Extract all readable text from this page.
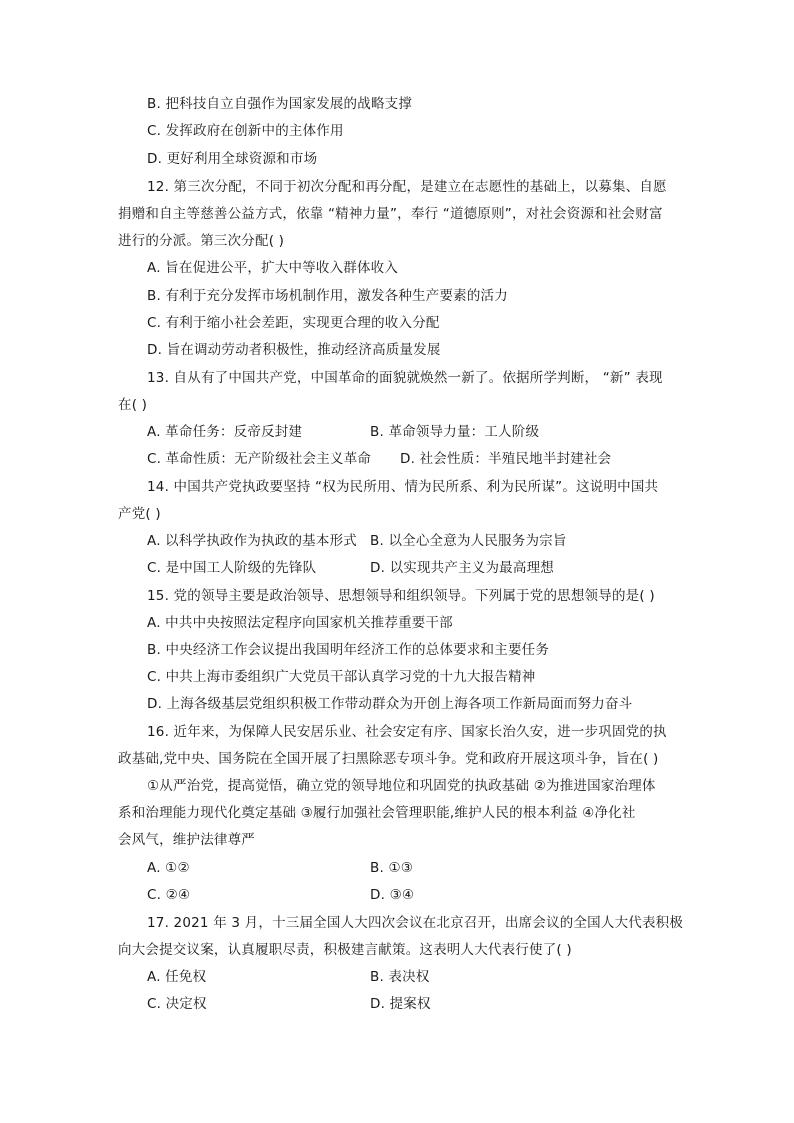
B. 把科技自立自强作为国家发展的战略支撑
C. 发挥政府在创新中的主体作用
D. 更好利用全球资源和市场
12. 第三次分配，不同于初次分配和再分配，是建立在志愿性的基础上，以募集、自愿
捐赠和自主等慈善公益方式，依靠 “精神力量”，奉行 “道德原则”，对社会资源和社会财富
进行的分派。第三次分配( )
A. 旨在促进公平，扩大中等收入群体收入
B. 有利于充分发挥市场机制作用，激发各种生产要素的活力
C. 有利于缩小社会差距，实现更合理的收入分配
D. 旨在调动劳动者积极性，推动经济高质量发展
13. 自从有了中国共产党，中国革命的面貌就焕然一新了。依据所学判断， “新” 表现
在( )
A. 革命任务：反帝反封建	B. 革命领导力量：工人阶级
C. 革命性质：无产阶级社会主义革命 D. 社会性质：半殖民地半封建社会
14. 中国共产党执政要坚持 “权为民所用、情为民所系、利为民所谋”。这说明中国共
产党( )
A. 以科学执政作为执政的基本形式 B. 以全心全意为人民服务为宗旨
C. 是中国工人阶级的先锋队	D. 以实现共产主义为最高理想
15. 党的领导主要是政治领导、思想领导和组织领导。下列属于党的思想领导的是( )
A. 中共中央按照法定程序向国家机关推荐重要干部
B. 中央经济工作会议提出我国明年经济工作的总体要求和主要任务
C. 中共上海市委组织广大党员干部认真学习党的十九大报告精神
D. 上海各级基层党组织积极工作带动群众为开创上海各项工作新局面而努力奋斗
16. 近年来，为保障人民安居乐业、社会安定有序、国家长治久安，进一步巩固党的执
政基础,党中央、国务院在全国开展了扫黑除恶专项斗争。党和政府开展这项斗争，旨在( )
①从严治党，提高觉悟，确立党的领导地位和巩固党的执政基础 ②为推进国家治理体
系和治理能力现代化奠定基础 ③履行加强社会管理职能,维护人民的根本利益 ④净化社
会风气，维护法律尊严
A. ①②	B. ①③
C. ②④	D. ③④
17. 2021 年 3 月，十三届全国人大四次会议在北京召开，出席会议的全国人大代表积极
向大会提交议案，认真履职尽责，积极建言献策。这表明人大代表行使了( )
A. 任免权	B. 表决权
C. 决定权	D. 提案权
